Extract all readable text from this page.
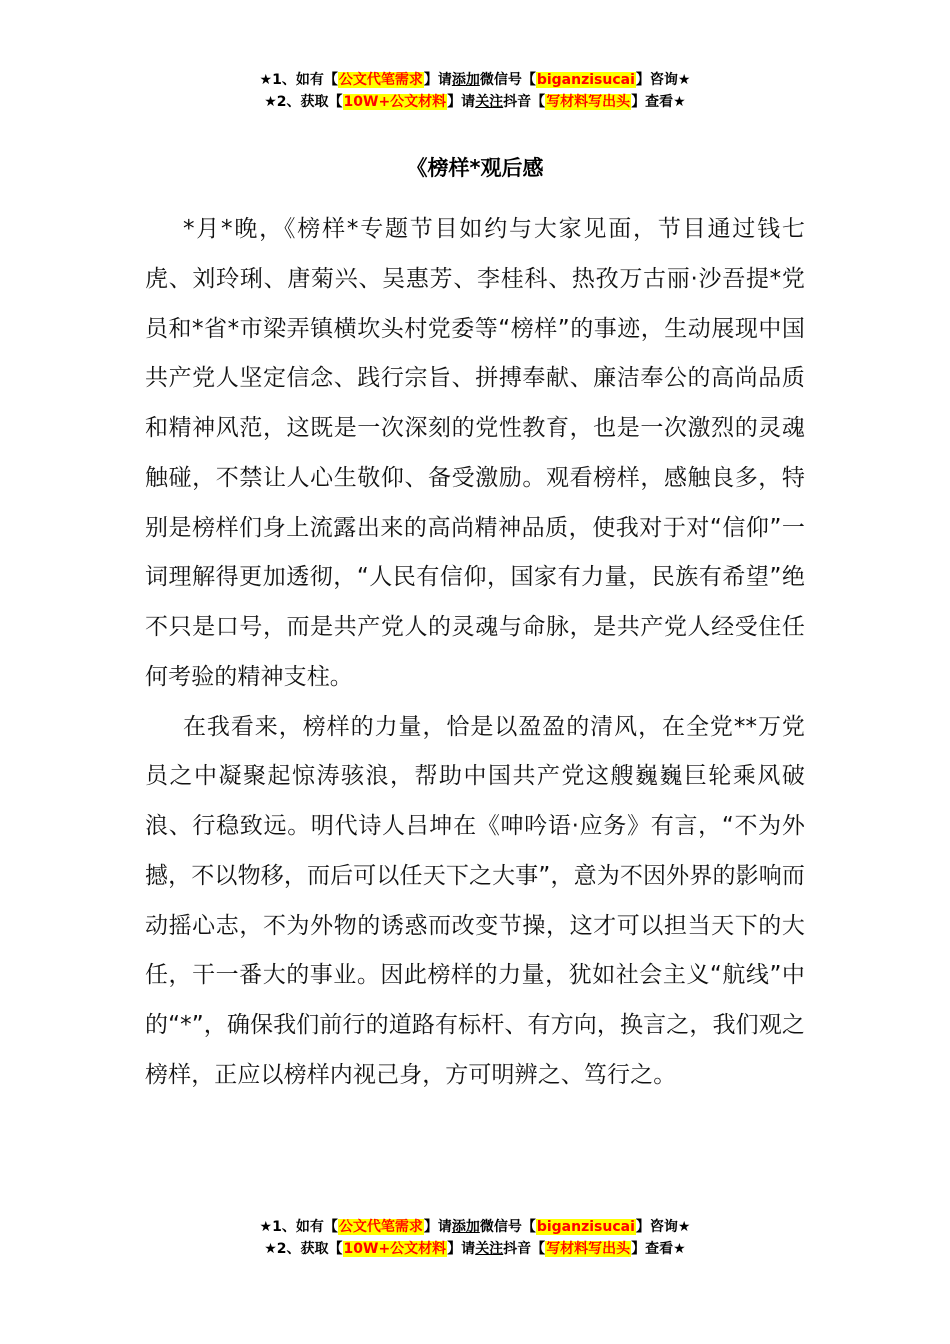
★1、如有【公文代笔需求】请添加微信号【biganzisucai】咨询★
★2、获取【10W+公文材料】请关注抖音【写材料写出头】查看★
《榜样*观后感

*月*晚，《榜样*专题节目如约与大家见面，节目通过钱七虎、刘玲琍、唐菊兴、吴惠芳、李桂科、热孜万古丽·沙吾提*党员和*省*市梁弄镇横坎头村党委等“榜样”的事迹，生动展现中国共产党人坚定信念、践行宗旨、拼搏奉献、廉洁奉公的高尚品质和精神风范，这既是一次深刻的党性教育，也是一次激烈的灵魂触碰，不禁让人心生敬仰、备受激励。观看榜样，感触良多，特别是榜样们身上流露出来的高尚精神品质，使我对于对“信仰”一词理解得更加透彻，“人民有信仰，国家有力量，民族有希望”绝不只是口号，而是共产党人的灵魂与命脉，是共产党人经受住任何考验的精神支柱。

在我看来，榜样的力量，恰是以盈盈的清风，在全党**万党员之中凝聚起惊涛骇浪，帮助中国共产党这艘巍巍巨轮乘风破浪、行稳致远。明代诗人吕坤在《呻吟语·应务》有言，“不为外撼，不以物移，而后可以任天下之大事”，意为不因外界的影响而动摇心志，不为外物的诱惑而改变节操，这才可以担当天下的大任，干一番大的事业。因此榜样的力量，犹如社会主义“航线”中的“*”，确保我们前行的道路有标杆、有方向，换言之，我们观之榜样，正应以榜样内视己身，方可明辨之、笃行之。

★1、如有【公文代笔需求】请添加微信号【biganzisucai】咨询★
★2、获取【10W+公文材料】请关注抖音【写材料写出头】查看★
